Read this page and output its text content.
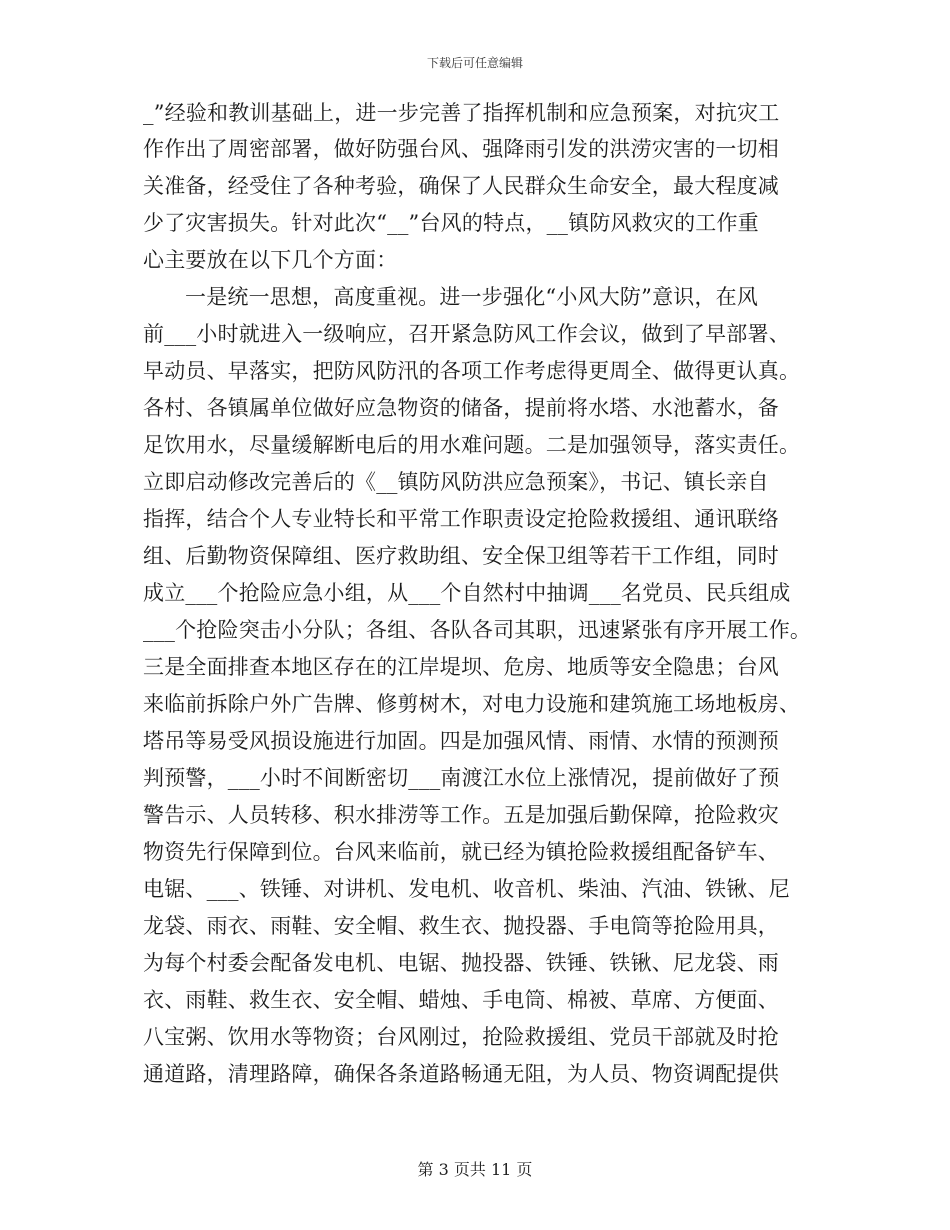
下载后可任意编辑
_”经验和教训基础上，进一步完善了指挥机制和应急预案，对抗灾工
作作出了周密部署，做好防强台风、强降雨引发的洪涝灾害的一切相
关准备，经受住了各种考验，确保了人民群众生命安全，最大程度减
少了灾害损失。针对此次“__”台风的特点，__镇防风救灾的工作重
心主要放在以下几个方面：
一是统一思想，高度重视。进一步强化“小风大防”意识，在风
前___小时就进入一级响应，召开紧急防风工作会议，做到了早部署、
早动员、早落实，把防风防汛的各项工作考虑得更周全、做得更认真。
各村、各镇属单位做好应急物资的储备，提前将水塔、水池蓄水，备
足饮用水，尽量缓解断电后的用水难问题。二是加强领导，落实责任。
立即启动修改完善后的《__镇防风防洪应急预案》，书记、镇长亲自
指挥，结合个人专业特长和平常工作职责设定抢险救援组、通讯联络
组、后勤物资保障组、医疗救助组、安全保卫组等若干工作组，同时
成立___个抢险应急小组，从___个自然村中抽调___名党员、民兵组成
___个抢险突击小分队；各组、各队各司其职，迅速紧张有序开展工作。
三是全面排查本地区存在的江岸堤坝、危房、地质等安全隐患；台风
来临前拆除户外广告牌、修剪树木，对电力设施和建筑施工场地板房、
塔吊等易受风损设施进行加固。四是加强风情、雨情、水情的预测预
判预警，___小时不间断密切___南渡江水位上涨情况，提前做好了预
警告示、人员转移、积水排涝等工作。五是加强后勤保障，抢险救灾
物资先行保障到位。台风来临前，就已经为镇抢险救援组配备铲车、
电锯、___、铁锤、对讲机、发电机、收音机、柴油、汽油、铁锹、尼
龙袋、雨衣、雨鞋、安全帽、救生衣、抛投器、手电筒等抢险用具，
为每个村委会配备发电机、电锯、抛投器、铁锤、铁锹、尼龙袋、雨
衣、雨鞋、救生衣、安全帽、蜡烛、手电筒、棉被、草席、方便面、
八宝粥、饮用水等物资；台风刚过，抢险救援组、党员干部就及时抢
通道路，清理路障，确保各条道路畅通无阻，为人员、物资调配提供
第 3 页共 11 页
